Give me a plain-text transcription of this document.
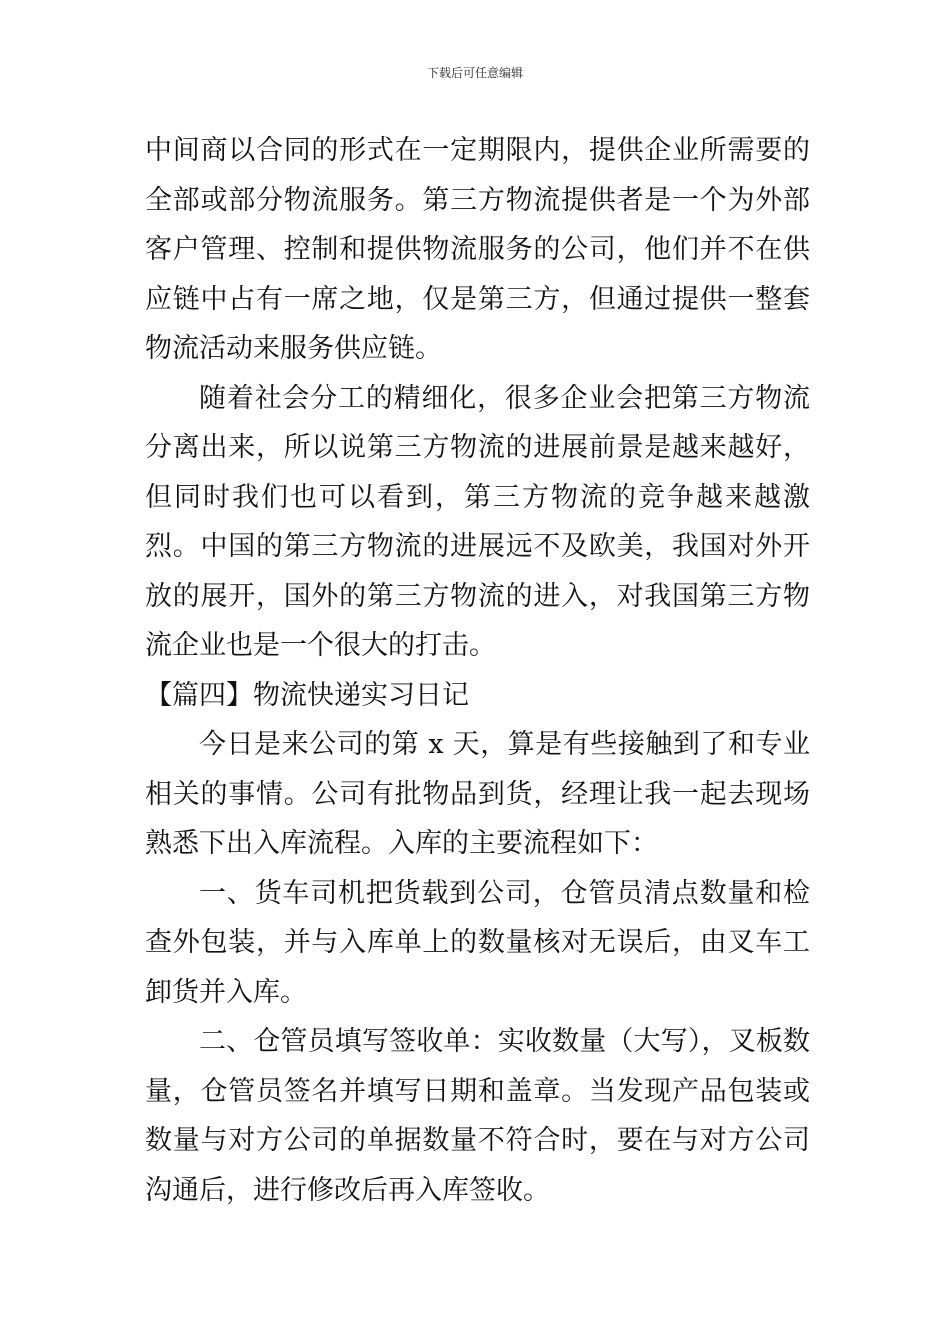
下载后可任意编辑

中间商以合同的形式在一定期限内，提供企业所需要的全部或部分物流服务。第三方物流提供者是一个为外部客户管理、控制和提供物流服务的公司，他们并不在供应链中占有一席之地，仅是第三方，但通过提供一整套物流活动来服务供应链。

随着社会分工的精细化，很多企业会把第三方物流分离出来，所以说第三方物流的进展前景是越来越好，但同时我们也可以看到，第三方物流的竞争越来越激烈。中国的第三方物流的进展远不及欧美，我国对外开放的展开，国外的第三方物流的进入，对我国第三方物流企业也是一个很大的打击。

【篇四】物流快递实习日记

今日是来公司的第 x 天，算是有些接触到了和专业相关的事情。公司有批物品到货，经理让我一起去现场熟悉下出入库流程。入库的主要流程如下：

一、货车司机把货载到公司，仓管员清点数量和检查外包装，并与入库单上的数量核对无误后，由叉车工卸货并入库。

二、仓管员填写签收单：实收数量（大写），叉板数量，仓管员签名并填写日期和盖章。当发现产品包装或数量与对方公司的单据数量不符合时，要在与对方公司沟通后，进行修改后再入库签收。
